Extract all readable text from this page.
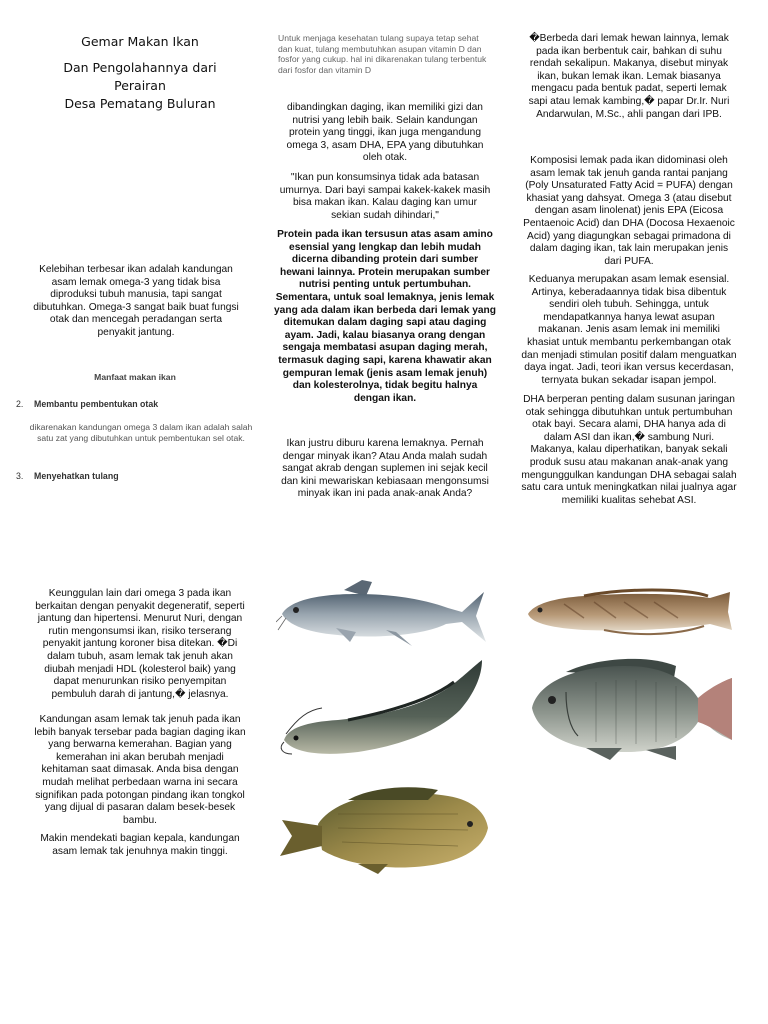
Gemar Makan Ikan

Dan Pengolahannya dari Perairan

Desa Pematang Buluran

Kelebihan terbesar ikan adalah kandungan asam lemak omega-3 yang tidak bisa diproduksi tubuh manusia, tapi sangat dibutuhkan. Omega-3 sangat baik buat fungsi otak dan mencegah peradangan serta penyakit jantung.
Manfaat makan ikan
2.	Membantu pembentukan otak
dikarenakan kandungan omega 3 dalam ikan adalah salah satu zat yang dibutuhkan untuk pembentukan sel otak.
3.	Menyehatkan tulang
Untuk menjaga kesehatan tulang supaya tetap sehat dan kuat, tulang membutuhkan asupan vitamin D dan fosfor yang cukup. hal ini dikarenakan tulang terbentuk dari fosfor dan vitamin D
dibandingkan daging, ikan memiliki gizi dan nutrisi yang lebih baik. Selain kandungan protein yang tinggi, ikan juga mengandung omega 3, asam DHA, EPA yang dibutuhkan oleh otak.
"Ikan pun konsumsinya tidak ada batasan umurnya. Dari bayi sampai kakek-kakek masih bisa makan ikan. Kalau daging kan umur sekian sudah dihindari,"
Protein pada ikan tersusun atas asam amino esensial yang lengkap dan lebih mudah dicerna dibanding protein dari sumber hewani lainnya. Protein merupakan sumber nutrisi penting untuk pertumbuhan. Sementara, untuk soal lemaknya, jenis lemak yang ada dalam ikan berbeda dari lemak yang ditemukan dalam daging sapi atau daging ayam. Jadi, kalau biasanya orang dengan sengaja membatasi asupan daging merah, termasuk daging sapi, karena khawatir akan gempuran lemak (jenis asam lemak jenuh) dan kolesterolnya, tidak begitu halnya dengan ikan.
Ikan justru diburu karena lemaknya. Pernah dengar minyak ikan? Atau Anda malah sudah sangat akrab dengan suplemen ini sejak kecil dan kini mewariskan kebiasaan mengonsumsi minyak ikan ini pada anak-anak Anda?
�Berbeda dari lemak hewan lainnya, lemak pada ikan berbentuk cair, bahkan di suhu rendah sekalipun. Makanya, disebut minyak ikan, bukan lemak ikan. Lemak biasanya mengacu pada bentuk padat, seperti lemak sapi atau lemak kambing,� papar Dr.Ir. Nuri Andarwulan, M.Sc., ahli pangan dari IPB.
Komposisi lemak pada ikan didominasi oleh asam lemak tak jenuh ganda rantai panjang (Poly Unsaturated Fatty Acid = PUFA) dengan khasiat yang dahsyat. Omega 3 (atau disebut dengan asam linolenat) jenis EPA (Eicosa Pentaenoic Acid) dan DHA (Docosa Hexaenoic Acid) yang diagungkan sebagai primadona di dalam daging ikan, tak lain merupakan jenis dari PUFA.
Keduanya merupakan asam lemak esensial. Artinya, keberadaannya tidak bisa dibentuk sendiri oleh tubuh. Sehingga, untuk mendapatkannya hanya lewat asupan makanan. Jenis asam lemak ini memiliki khasiat untuk membantu perkembangan otak dan menjadi stimulan positif dalam menguatkan daya ingat. Jadi, teori ikan versus kecerdasan, ternyata bukan sekadar isapan jempol.
DHA berperan penting dalam susunan jaringan otak sehingga dibutuhkan untuk pertumbuhan otak bayi. Secara alami, DHA hanya ada di dalam ASI dan ikan,� sambung Nuri. Makanya, kalau diperhatikan, banyak sekali produk susu atau makanan anak-anak yang mengunggulkan kandungan DHA sebagai salah satu cara untuk meningkatkan nilai jualnya agar memiliki kualitas sehebat ASI.
Keunggulan lain dari omega 3 pada ikan berkaitan dengan penyakit degeneratif, seperti jantung dan hipertensi. Menurut Nuri, dengan rutin mengonsumsi ikan, risiko terserang penyakit jantung koroner bisa ditekan. �Di dalam tubuh, asam lemak tak jenuh akan diubah menjadi HDL (kolesterol baik) yang dapat menurunkan risiko penyempitan pembuluh darah di jantung,� jelasnya.
Kandungan asam lemak tak jenuh pada ikan lebih banyak tersebar pada bagian daging ikan yang berwarna kemerahan. Bagian yang kemerahan ini akan berubah menjadi kehitaman saat dimasak. Anda bisa dengan mudah melihat perbedaan warna ini secara signifikan pada potongan pindang ikan tongkol yang dijual di pasaran dalam besek-besek bambu.
Makin mendekati bagian kepala, kandungan asam lemak tak jenuhnya makin tinggi.
